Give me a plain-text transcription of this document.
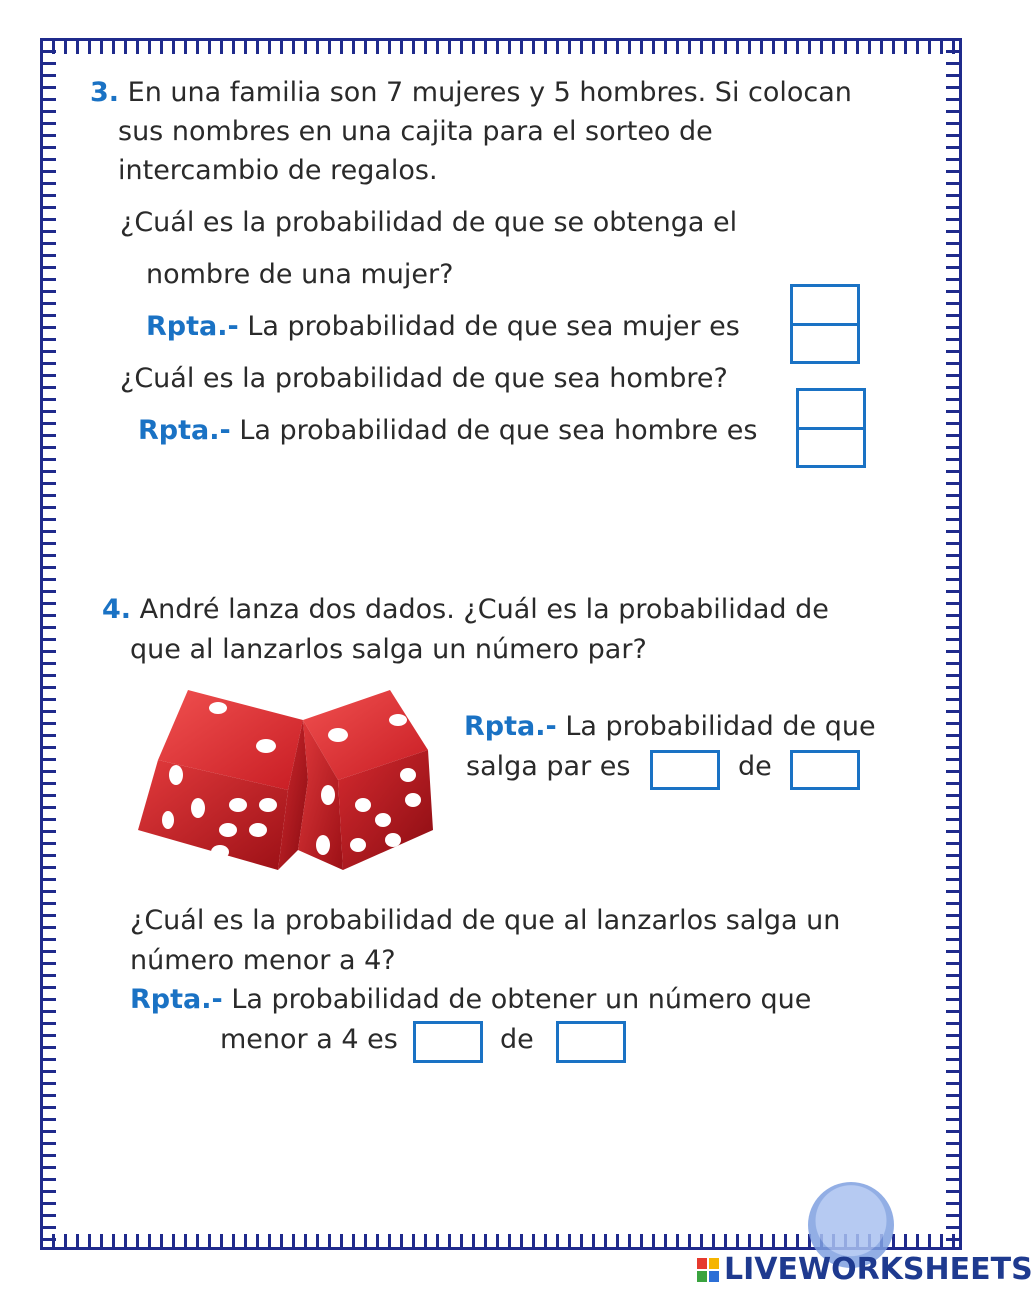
3. En una familia son 7 mujeres y 5 hombres. Si colocan
sus nombres en una cajita para el sorteo de
intercambio de regalos.
¿Cuál es la probabilidad de que se obtenga el
nombre de una mujer?
Rpta.- La probabilidad de que sea mujer es
¿Cuál es la probabilidad de que sea hombre?
Rpta.- La probabilidad de que sea hombre es
4. André lanza dos dados. ¿Cuál es la probabilidad de
que al lanzarlos salga un número par?
Rpta.- La probabilidad de que
salga par es	de
¿Cuál es la probabilidad de que al lanzarlos salga un
número menor a 4?
Rpta.- La probabilidad de obtener un número que
menor a 4 es	de
LIVEWORKSHEETS
